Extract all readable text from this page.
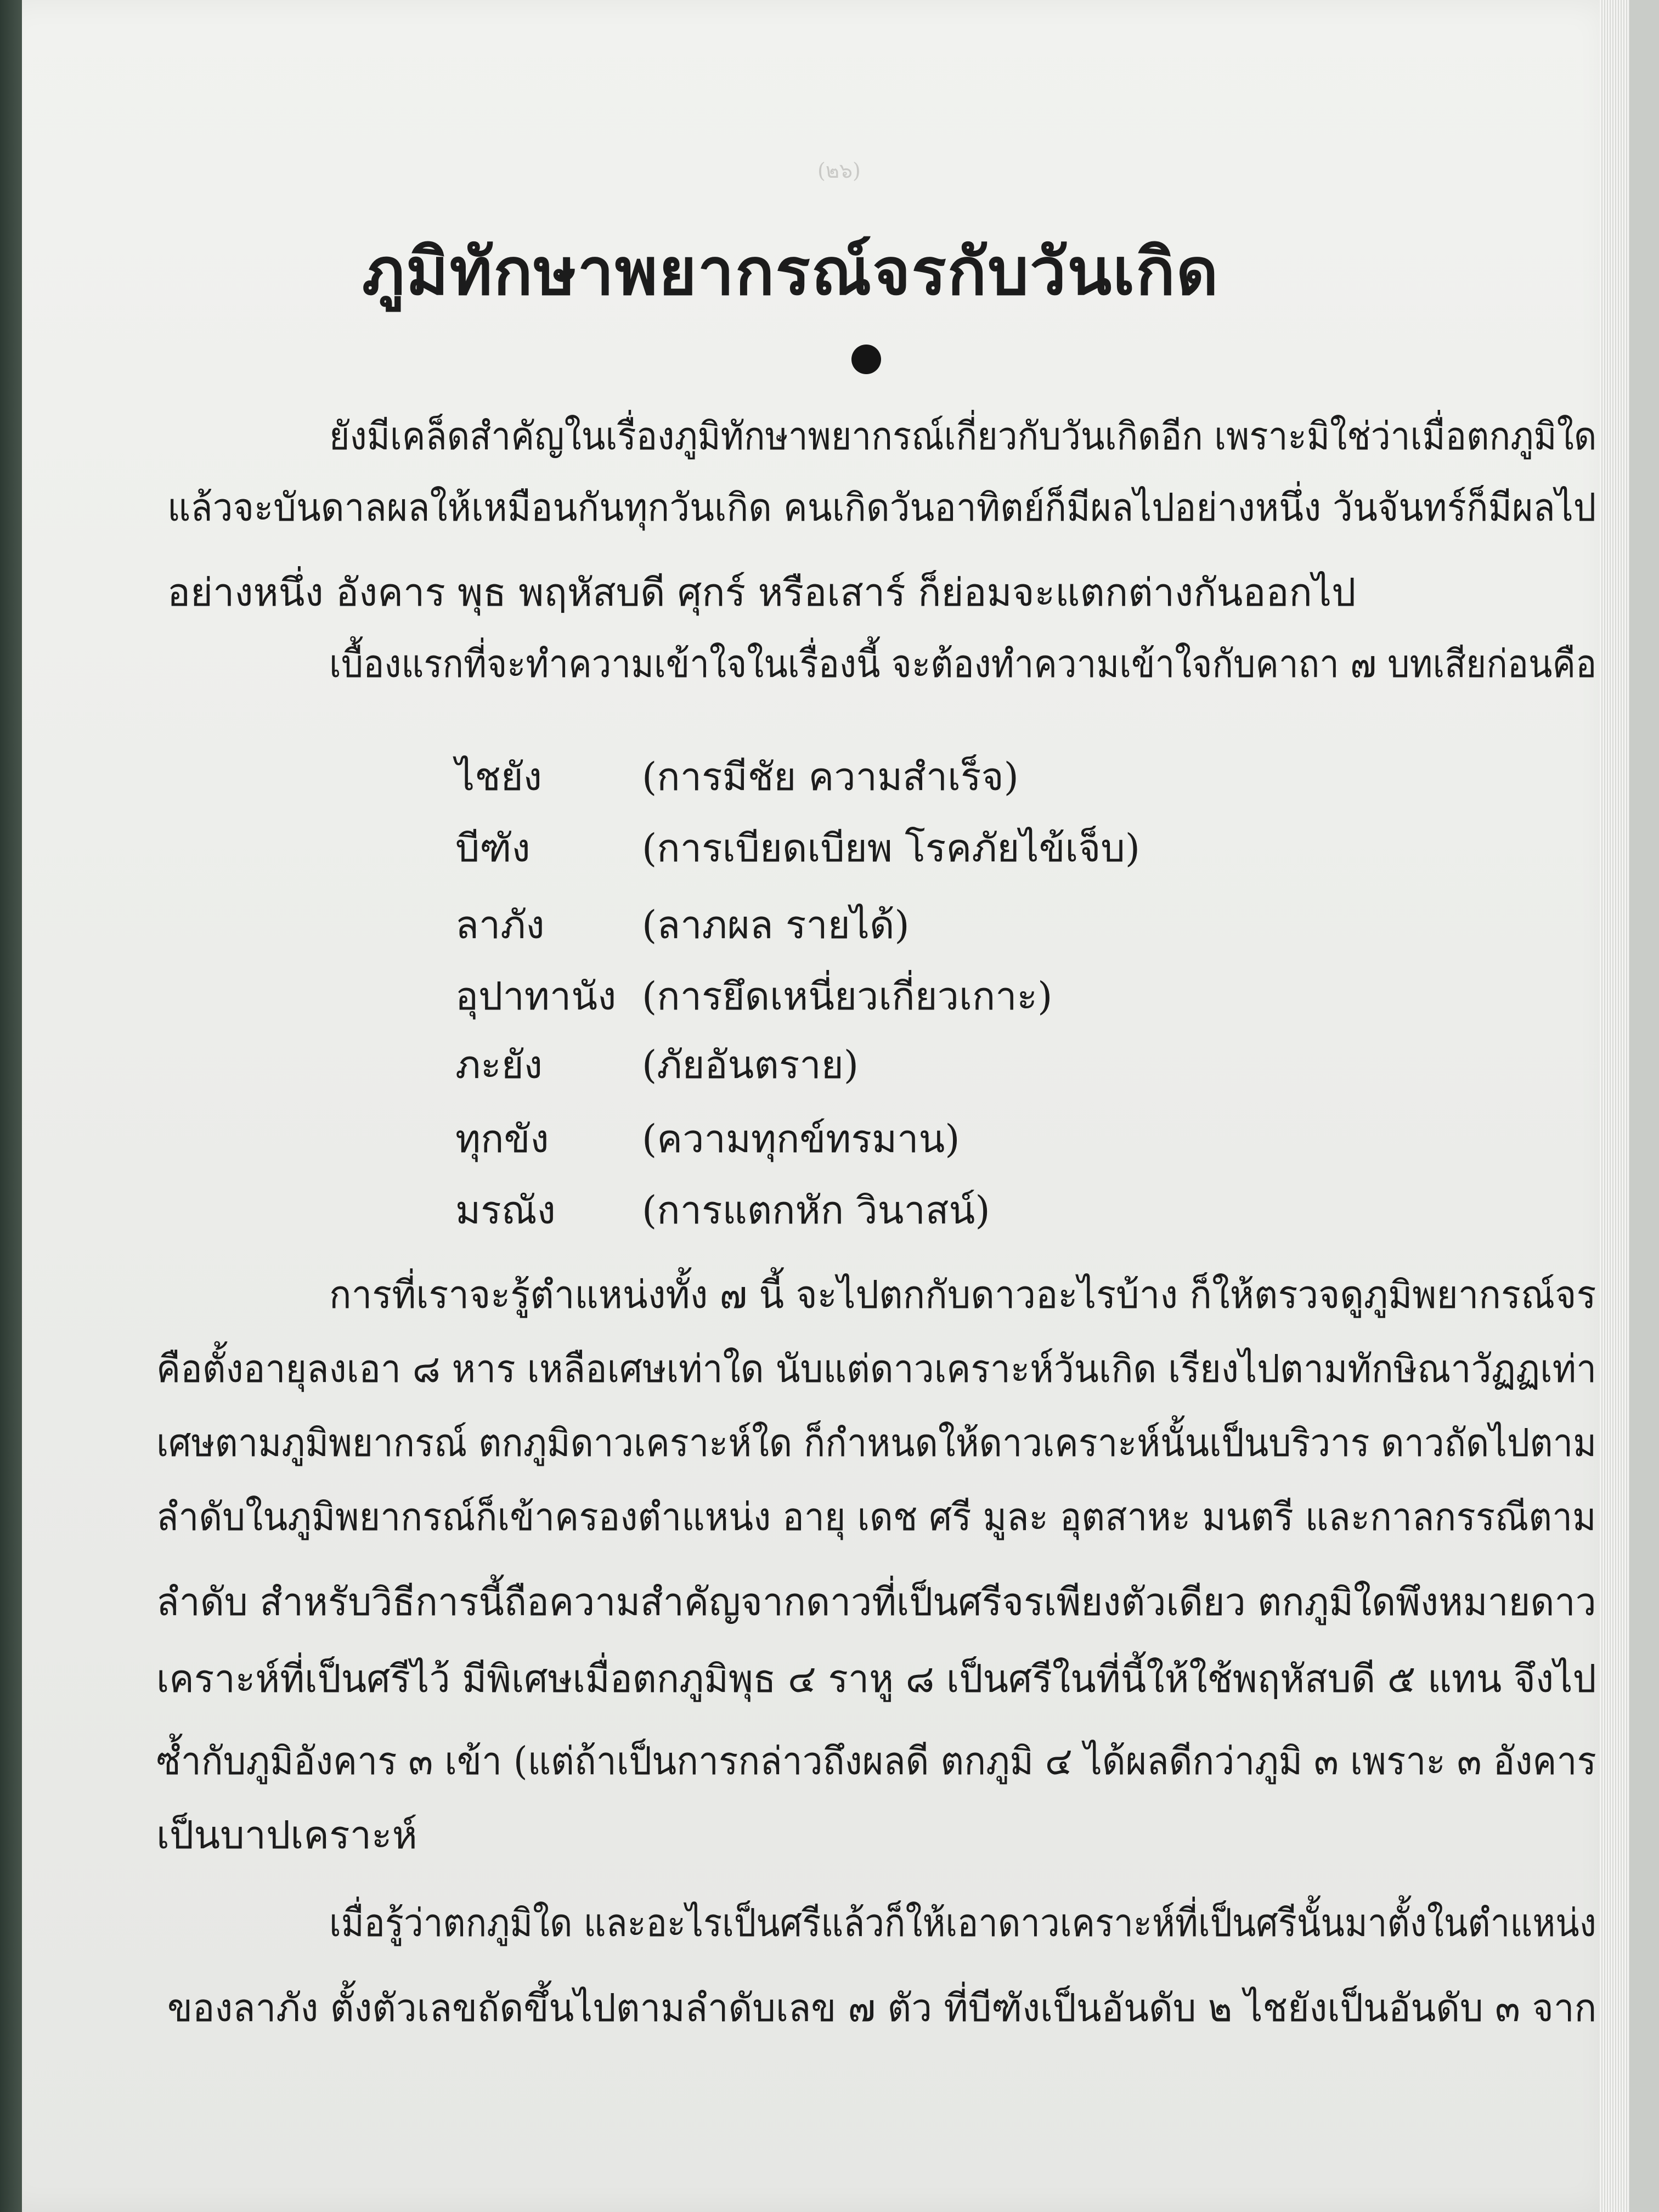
(๒๖)
ภูมิทักษาพยากรณ์จรกับวันเกิด
ยังมีเคล็ดสำคัญในเรื่องภูมิทักษาพยากรณ์เกี่ยวกับวันเกิดอีก เพราะมิใช่ว่าเมื่อตกภูมิใด
แล้วจะบันดาลผลให้เหมือนกันทุกวันเกิด คนเกิดวันอาทิตย์ก็มีผลไปอย่างหนึ่ง วันจันทร์ก็มีผลไป
อย่างหนึ่ง อังคาร พุธ พฤหัสบดี ศุกร์ หรือเสาร์ ก็ย่อมจะแตกต่างกันออกไป
เบื้องแรกที่จะทำความเข้าใจในเรื่องนี้ จะต้องทำความเข้าใจกับคาถา ๗ บทเสียก่อนคือ
ไชยัง	(การมีชัย ความสำเร็จ)
บีฑัง	(การเบียดเบียพ โรคภัยไข้เจ็บ)
ลาภัง	(ลาภผล รายได้)
อุปาทานัง (การยึดเหนี่ยวเกี่ยวเกาะ)
ภะยัง	(ภัยอันตราย)
ทุกขัง (ความทุกข์ทรมาน)
มรณัง (การแตกหัก วินาสน์)
การที่เราจะรู้ตำแหน่งทั้ง ๗ นี้ จะไปตกกับดาวอะไรบ้าง ก็ให้ตรวจดูภูมิพยากรณ์จร
คือตั้งอายุลงเอา ๘ หาร เหลือเศษเท่าใด นับแต่ดาวเคราะห์วันเกิด เรียงไปตามทักษิณาวัฏฏเท่า
เศษตามภูมิพยากรณ์ ตกภูมิดาวเคราะห์ใด ก็กำหนดให้ดาวเคราะห์นั้นเป็นบริวาร ดาวถัดไปตาม
ลำดับในภูมิพยากรณ์ก็เข้าครองตำแหน่ง อายุ เดช ศรี มูละ อุตสาหะ มนตรี และกาลกรรณีตาม
ลำดับ สำหรับวิธีการนี้ถือความสำคัญจากดาวที่เป็นศรีจรเพียงตัวเดียว ตกภูมิใดพึงหมายดาว
เคราะห์ที่เป็นศรีไว้ มีพิเศษเมื่อตกภูมิพุธ ๔ ราหู ๘ เป็นศรีในที่นี้ให้ใช้พฤหัสบดี ๕ แทน จึงไป
ซ้ำกับภูมิอังคาร ๓ เข้า (แต่ถ้าเป็นการกล่าวถึงผลดี ตกภูมิ ๔ ได้ผลดีกว่าภูมิ ๓ เพราะ ๓ อังคาร
เป็นบาปเคราะห์
เมื่อรู้ว่าตกภูมิใด และอะไรเป็นศรีแล้วก็ให้เอาดาวเคราะห์ที่เป็นศรีนั้นมาตั้งในตำแหน่ง
ของลาภัง ตั้งตัวเลขถัดขึ้นไปตามลำดับเลข ๗ ตัว ที่บีฑังเป็นอันดับ ๒ ไชยังเป็นอันดับ ๓ จาก
